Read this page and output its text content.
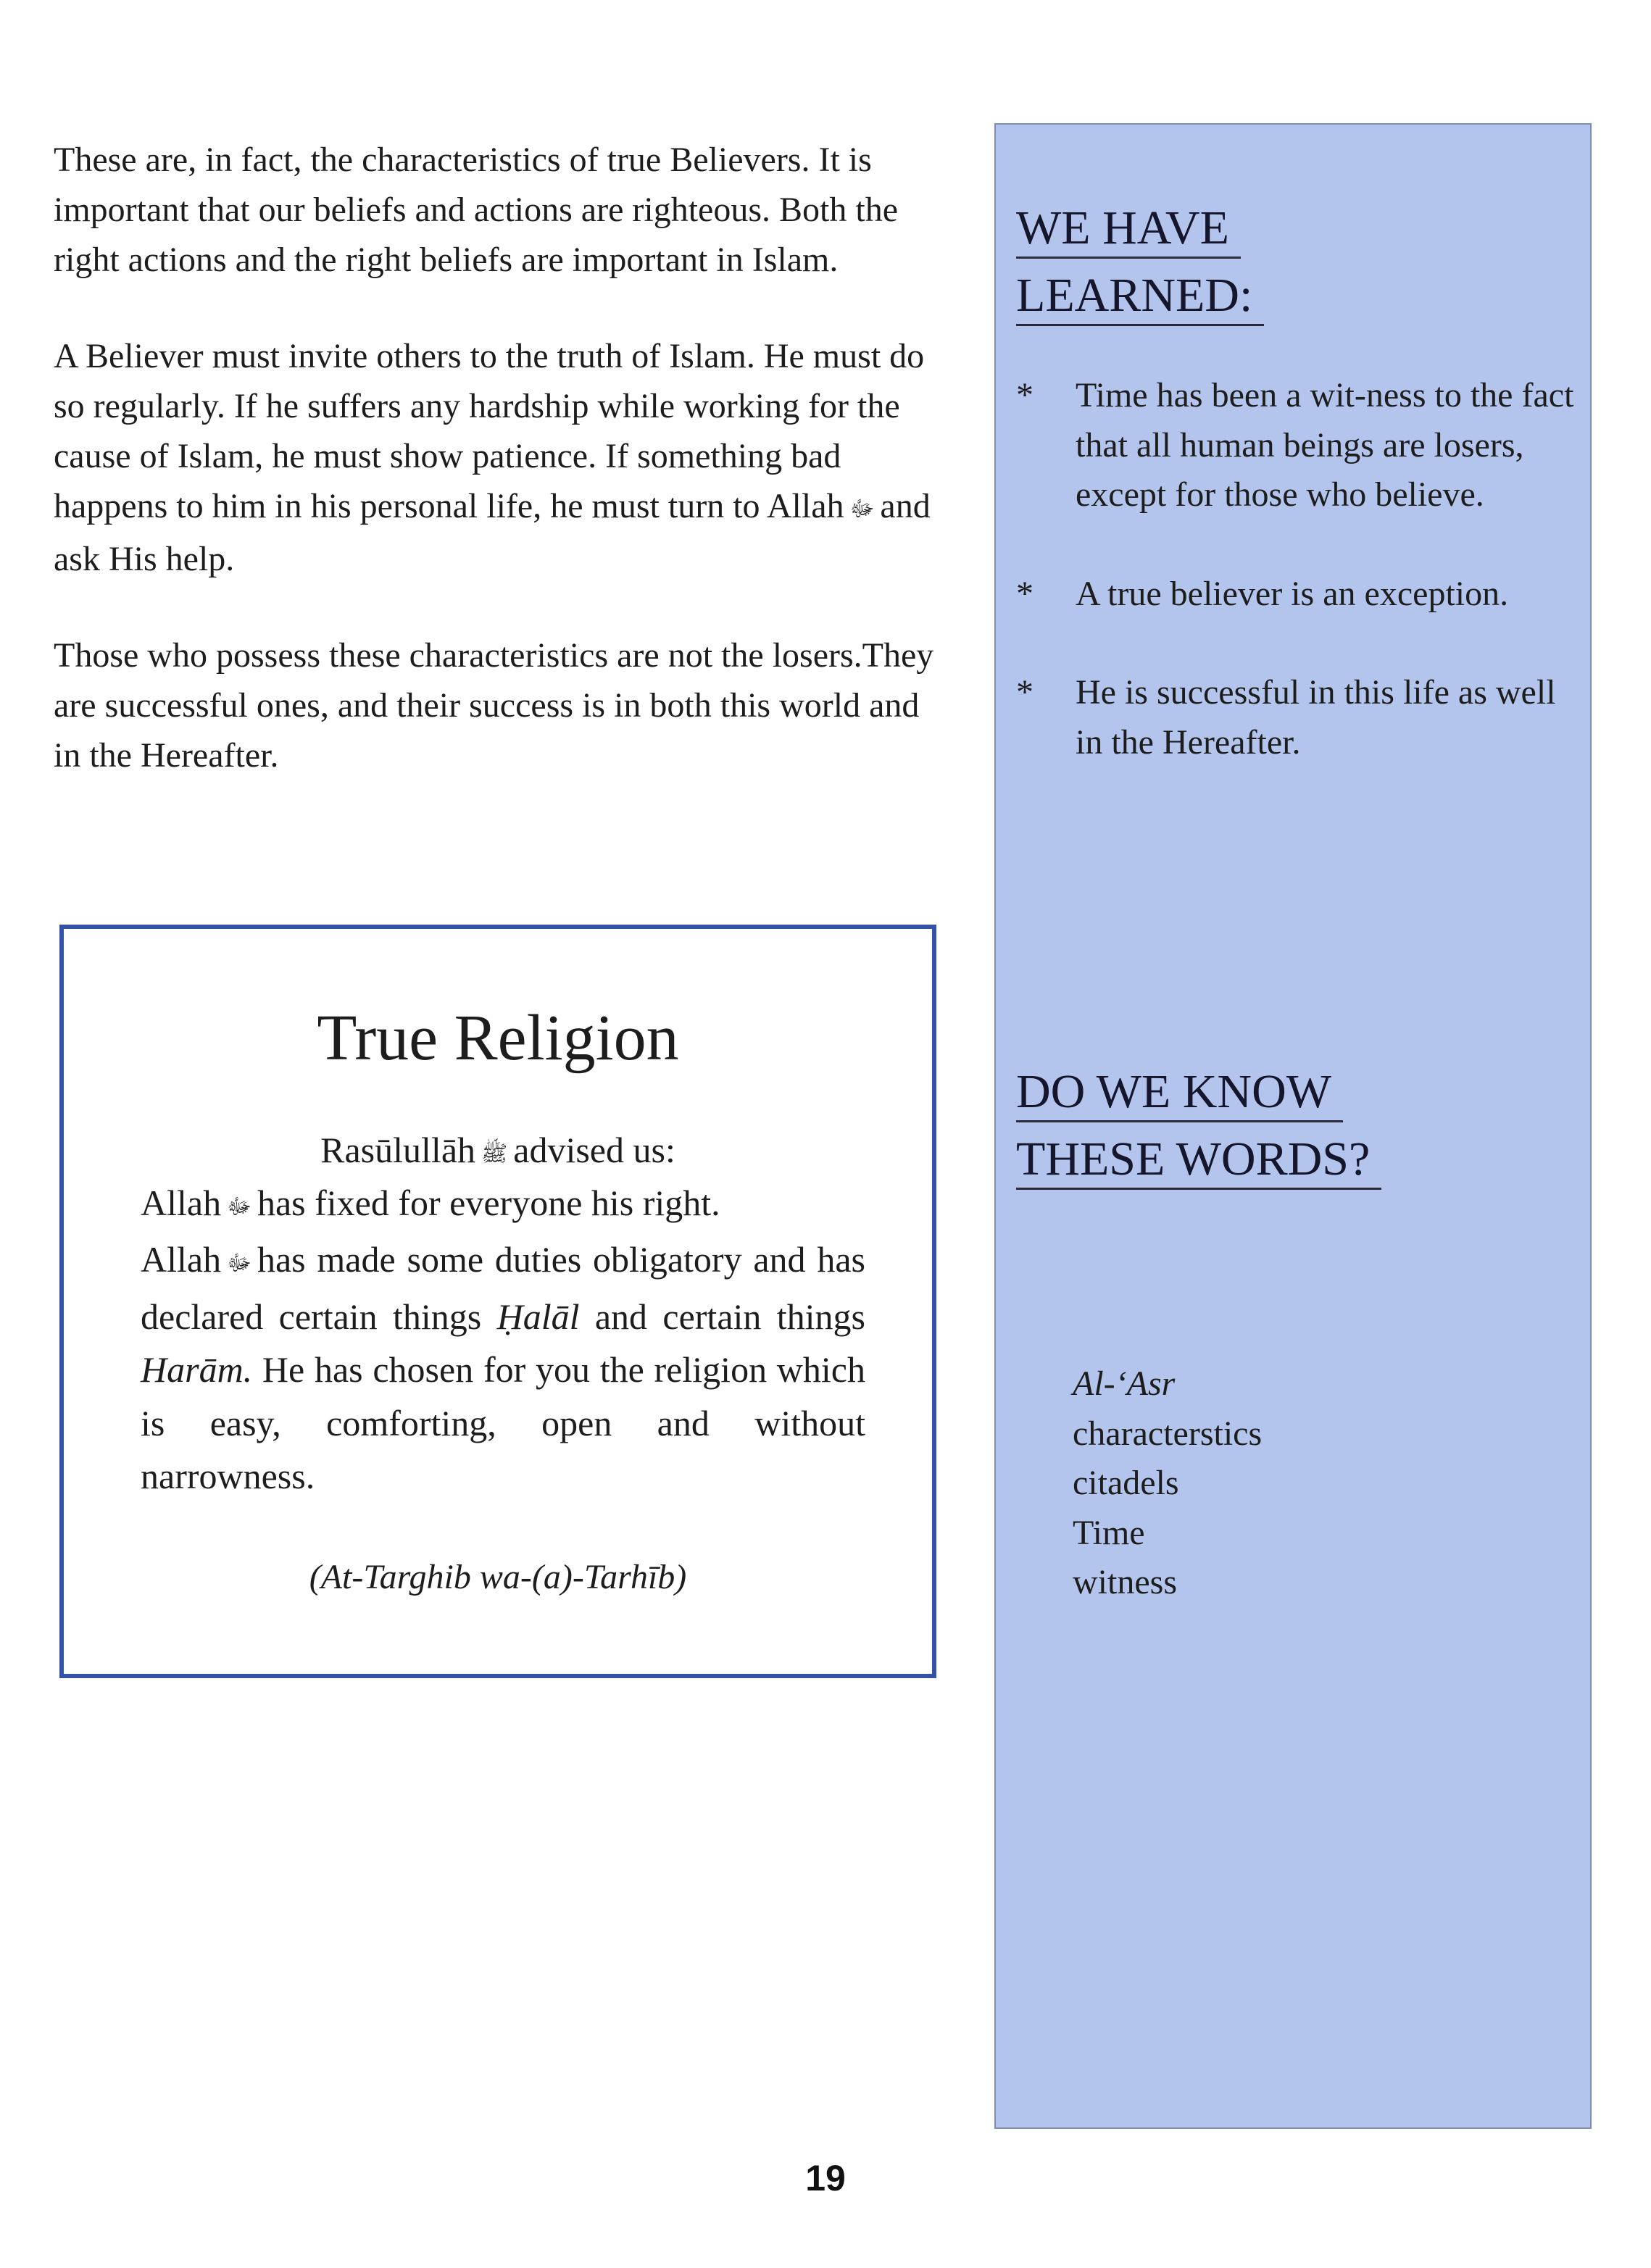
These are, in fact, the characteristics of true Believers. It is important that our beliefs and actions are righteous. Both the right actions and the right beliefs are important in Islam.

A Believer must invite others to the truth of Islam. He must do so regularly. If he suffers any hardship while working for the cause of Islam, he must show patience. If something bad happens to him in his personal life, he must turn to Allah ﷻ and ask His help.

Those who possess these characteristics are not the losers.They are successful ones, and their success is in both this world and in the Hereafter.

True Religion
Rasūlullāh ﷺ advised us:
Allah ﷻ has fixed for everyone his right.
Allah ﷻ has made some duties obligatory and has declared certain things Ḥalāl and certain things Harām. He has chosen for you the religion which is easy, comforting, open and without narrowness.
(At-Targhib wa-(a)-Tarhīb)
WE HAVE
LEARNED:
* Time has been a wit-ness to the fact that all human beings are losers, except for those who believe.
* A true believer is an exception.
* He is successful in this life as well in the Hereafter.
DO WE KNOW
THESE WORDS?
Al-‘Asr
characterstics
citadels
Time
witness
19
